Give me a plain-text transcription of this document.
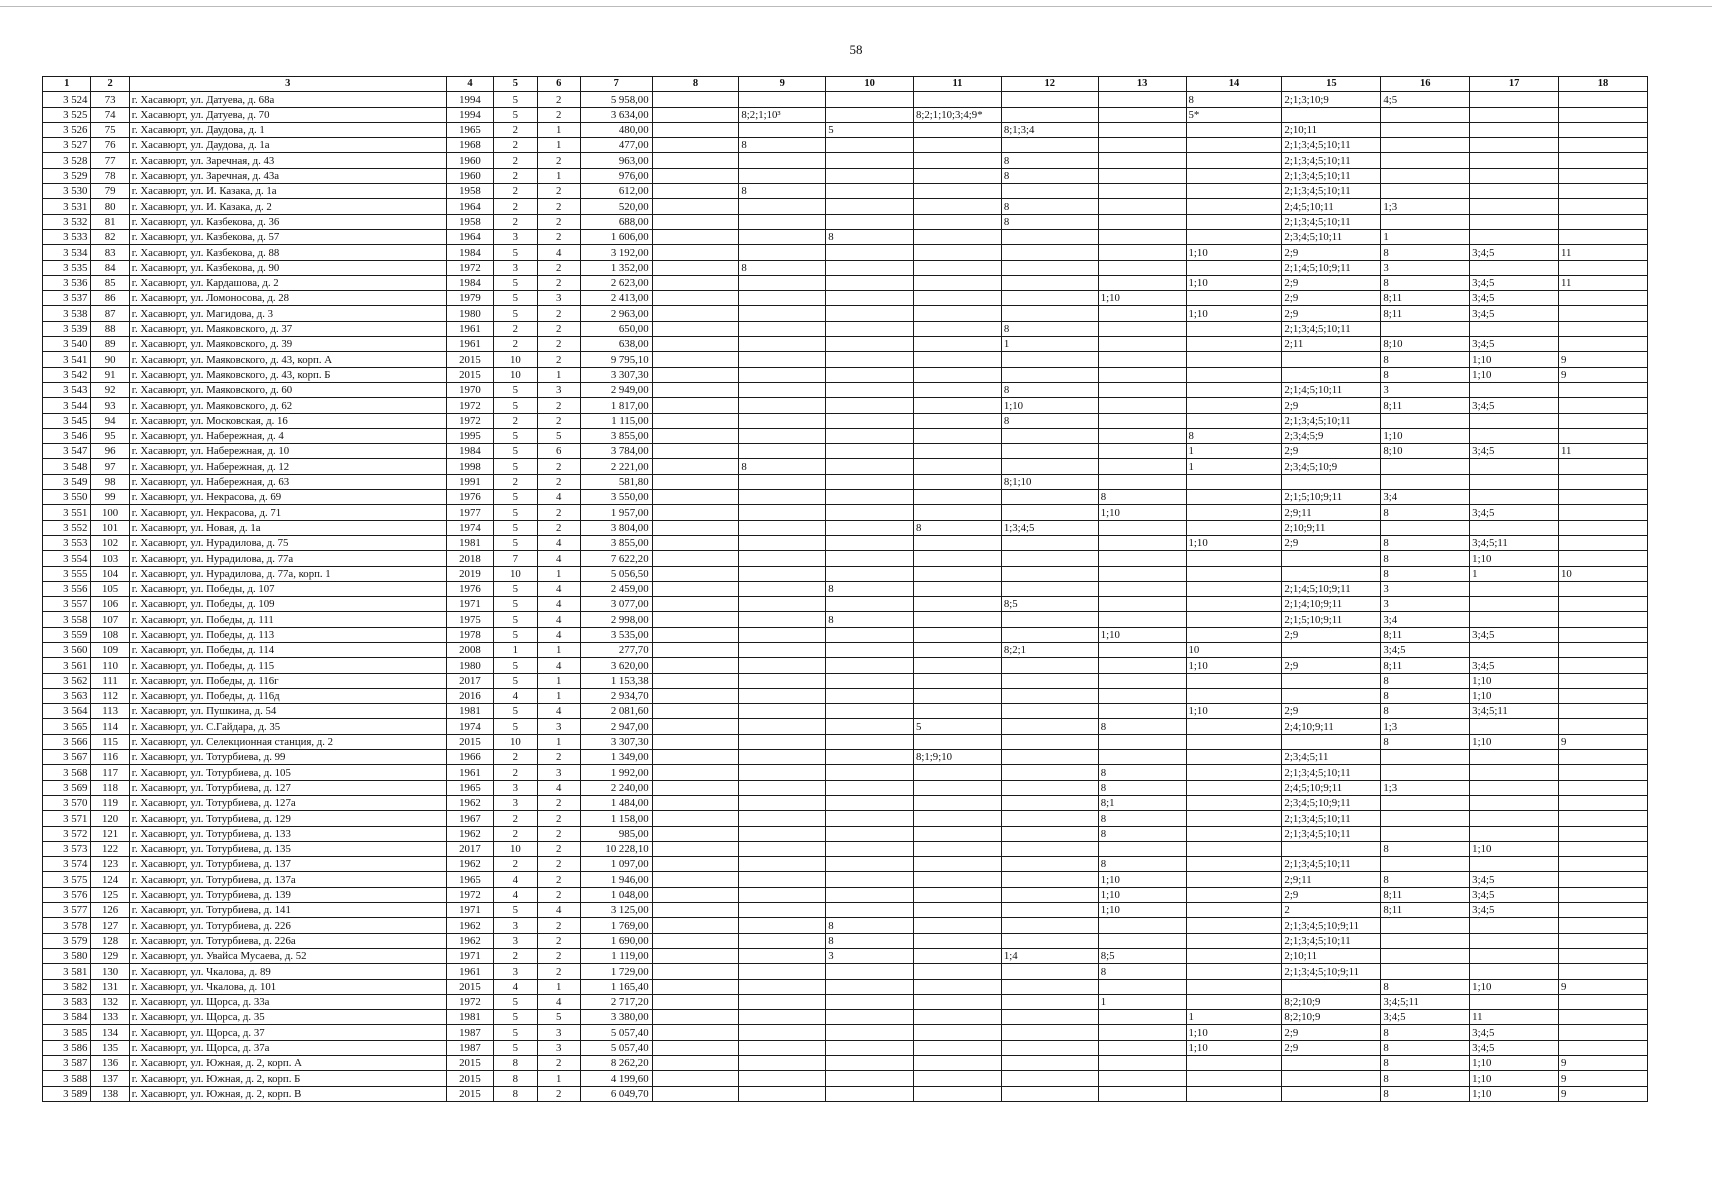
58
1	2	3	4	5	6	7	8	9	10	11	12	13	14	15	16	17	18
3 524	73	г. Хасавюрт, ул. Датуева, д. 68а	1994	5	2	5 958,00							8	2;1;3;10;9	4;5		
3 525	74	г. Хасавюрт, ул. Датуева, д. 70	1994	5	2	3 634,00		8;2;1;10³		8;2;1;10;3;4;9*			5*				
3 526	75	г. Хасавюрт, ул. Даудова, д. 1	1965	2	1	480,00			5		8;1;3;4			2;10;11			
3 527	76	г. Хасавюрт, ул. Даудова, д. 1а	1968	2	1	477,00		8						2;1;3;4;5;10;11			
3 528	77	г. Хасавюрт, ул. Заречная, д. 43	1960	2	2	963,00					8			2;1;3;4;5;10;11			
3 529	78	г. Хасавюрт, ул. Заречная, д. 43а	1960	2	1	976,00					8			2;1;3;4;5;10;11			
3 530	79	г. Хасавюрт, ул. И. Казака, д. 1а	1958	2	2	612,00		8						2;1;3;4;5;10;11			
3 531	80	г. Хасавюрт, ул. И. Казака, д. 2	1964	2	2	520,00					8			2;4;5;10;11	1;3		
3 532	81	г. Хасавюрт, ул. Казбекова, д. 36	1958	2	2	688,00					8			2;1;3;4;5;10;11			
3 533	82	г. Хасавюрт, ул. Казбекова, д. 57	1964	3	2	1 606,00			8					2;3;4;5;10;11	1		
3 534	83	г. Хасавюрт, ул. Казбекова, д. 88	1984	5	4	3 192,00							1;10	2;9	8	3;4;5	11
3 535	84	г. Хасавюрт, ул. Казбекова, д. 90	1972	3	2	1 352,00		8						2;1;4;5;10;9;11	3		
3 536	85	г. Хасавюрт, ул. Кардашова, д. 2	1984	5	2	2 623,00							1;10	2;9	8	3;4;5	11
3 537	86	г. Хасавюрт, ул. Ломоносова, д. 28	1979	5	3	2 413,00						1;10		2;9	8;11	3;4;5	
3 538	87	г. Хасавюрт, ул. Магидова, д. 3	1980	5	2	2 963,00							1;10	2;9	8;11	3;4;5	
3 539	88	г. Хасавюрт, ул. Маяковского, д. 37	1961	2	2	650,00					8			2;1;3;4;5;10;11			
3 540	89	г. Хасавюрт, ул. Маяковского, д. 39	1961	2	2	638,00					1			2;11	8;10	3;4;5	
3 541	90	г. Хасавюрт, ул. Маяковского, д. 43, корп. А	2015	10	2	9 795,10									8	1;10	9
3 542	91	г. Хасавюрт, ул. Маяковского, д. 43, корп. Б	2015	10	1	3 307,30									8	1;10	9
3 543	92	г. Хасавюрт, ул. Маяковского, д. 60	1970	5	3	2 949,00					8			2;1;4;5;10;11	3		
3 544	93	г. Хасавюрт, ул. Маяковского, д. 62	1972	5	2	1 817,00					1;10			2;9	8;11	3;4;5	
3 545	94	г. Хасавюрт, ул. Московская, д. 16	1972	2	2	1 115,00					8			2;1;3;4;5;10;11			
3 546	95	г. Хасавюрт, ул. Набережная, д. 4	1995	5	5	3 855,00							8	2;3;4;5;9	1;10		
3 547	96	г. Хасавюрт, ул. Набережная, д. 10	1984	5	6	3 784,00							1	2;9	8;10	3;4;5	11
3 548	97	г. Хасавюрт, ул. Набережная, д. 12	1998	5	2	2 221,00		8					1	2;3;4;5;10;9			
3 549	98	г. Хасавюрт, ул. Набережная, д. 63	1991	2	2	581,80					8;1;10						
3 550	99	г. Хасавюрт, ул. Некрасова, д. 69	1976	5	4	3 550,00						8		2;1;5;10;9;11	3;4		
3 551	100	г. Хасавюрт, ул. Некрасова, д. 71	1977	5	2	1 957,00						1;10		2;9;11	8	3;4;5	
3 552	101	г. Хасавюрт, ул. Новая, д. 1а	1974	5	2	3 804,00				8	1;3;4;5			2;10;9;11			
3 553	102	г. Хасавюрт, ул. Нурадилова, д. 75	1981	5	4	3 855,00							1;10	2;9	8	3;4;5;11	
3 554	103	г. Хасавюрт, ул. Нурадилова, д. 77а	2018	7	4	7 622,20									8	1;10	
3 555	104	г. Хасавюрт, ул. Нурадилова, д. 77а, корп. 1	2019	10	1	5 056,50									8	1	10
3 556	105	г. Хасавюрт, ул. Победы, д. 107	1976	5	4	2 459,00			8					2;1;4;5;10;9;11	3		
3 557	106	г. Хасавюрт, ул. Победы, д. 109	1971	5	4	3 077,00					8;5			2;1;4;10;9;11	3		
3 558	107	г. Хасавюрт, ул. Победы, д. 111	1975	5	4	2 998,00			8					2;1;5;10;9;11	3;4		
3 559	108	г. Хасавюрт, ул. Победы, д. 113	1978	5	4	3 535,00						1;10		2;9	8;11	3;4;5	
3 560	109	г. Хасавюрт, ул. Победы, д. 114	2008	1	1	277,70					8;2;1		10		3;4;5		
3 561	110	г. Хасавюрт, ул. Победы, д. 115	1980	5	4	3 620,00							1;10	2;9	8;11	3;4;5	
3 562	111	г. Хасавюрт, ул. Победы, д. 116г	2017	5	1	1 153,38									8	1;10	
3 563	112	г. Хасавюрт, ул. Победы, д. 116д	2016	4	1	2 934,70									8	1;10	
3 564	113	г. Хасавюрт, ул. Пушкина, д. 54	1981	5	4	2 081,60							1;10	2;9	8	3;4;5;11	
3 565	114	г. Хасавюрт, ул. С.Гайдара, д. 35	1974	5	3	2 947,00				5		8		2;4;10;9;11	1;3		
3 566	115	г. Хасавюрт, ул. Селекционная станция, д. 2	2015	10	1	3 307,30									8	1;10	9
3 567	116	г. Хасавюрт, ул. Тотурбиева, д. 99	1966	2	2	1 349,00				8;1;9;10				2;3;4;5;11			
3 568	117	г. Хасавюрт, ул. Тотурбиева, д. 105	1961	2	3	1 992,00						8		2;1;3;4;5;10;11			
3 569	118	г. Хасавюрт, ул. Тотурбиева, д. 127	1965	3	4	2 240,00						8		2;4;5;10;9;11	1;3		
3 570	119	г. Хасавюрт, ул. Тотурбиева, д. 127а	1962	3	2	1 484,00						8;1		2;3;4;5;10;9;11			
3 571	120	г. Хасавюрт, ул. Тотурбиева, д. 129	1967	2	2	1 158,00						8		2;1;3;4;5;10;11			
3 572	121	г. Хасавюрт, ул. Тотурбиева, д. 133	1962	2	2	985,00						8		2;1;3;4;5;10;11			
3 573	122	г. Хасавюрт, ул. Тотурбиева, д. 135	2017	10	2	10 228,10									8	1;10	
3 574	123	г. Хасавюрт, ул. Тотурбиева, д. 137	1962	2	2	1 097,00						8		2;1;3;4;5;10;11			
3 575	124	г. Хасавюрт, ул. Тотурбиева, д. 137а	1965	4	2	1 946,00						1;10		2;9;11	8	3;4;5	
3 576	125	г. Хасавюрт, ул. Тотурбиева, д. 139	1972	4	2	1 048,00						1;10		2;9	8;11	3;4;5	
3 577	126	г. Хасавюрт, ул. Тотурбиева, д. 141	1971	5	4	3 125,00						1;10		2	8;11	3;4;5	
3 578	127	г. Хасавюрт, ул. Тотурбиева, д. 226	1962	3	2	1 769,00			8					2;1;3;4;5;10;9;11			
3 579	128	г. Хасавюрт, ул. Тотурбиева, д. 226а	1962	3	2	1 690,00			8					2;1;3;4;5;10;11			
3 580	129	г. Хасавюрт, ул. Увайса Мусаева, д. 52	1971	2	2	1 119,00			3		1;4	8;5		2;10;11			
3 581	130	г. Хасавюрт, ул. Чкалова, д. 89	1961	3	2	1 729,00						8		2;1;3;4;5;10;9;11			
3 582	131	г. Хасавюрт, ул. Чкалова, д. 101	2015	4	1	1 165,40									8	1;10	9
3 583	132	г. Хасавюрт, ул. Щорса, д. 33а	1972	5	4	2 717,20						1		8;2;10;9	3;4;5;11		
3 584	133	г. Хасавюрт, ул. Щорса, д. 35	1981	5	5	3 380,00							1	8;2;10;9	3;4;5	11	
3 585	134	г. Хасавюрт, ул. Щорса, д. 37	1987	5	3	5 057,40							1;10	2;9	8	3;4;5	
3 586	135	г. Хасавюрт, ул. Щорса, д. 37а	1987	5	3	5 057,40							1;10	2;9	8	3;4;5	
3 587	136	г. Хасавюрт, ул. Южная, д. 2, корп. А	2015	8	2	8 262,20									8	1;10	9
3 588	137	г. Хасавюрт, ул. Южная, д. 2, корп. Б	2015	8	1	4 199,60									8	1;10	9
3 589	138	г. Хасавюрт, ул. Южная, д. 2, корп. В	2015	8	2	6 049,70									8	1;10	9
